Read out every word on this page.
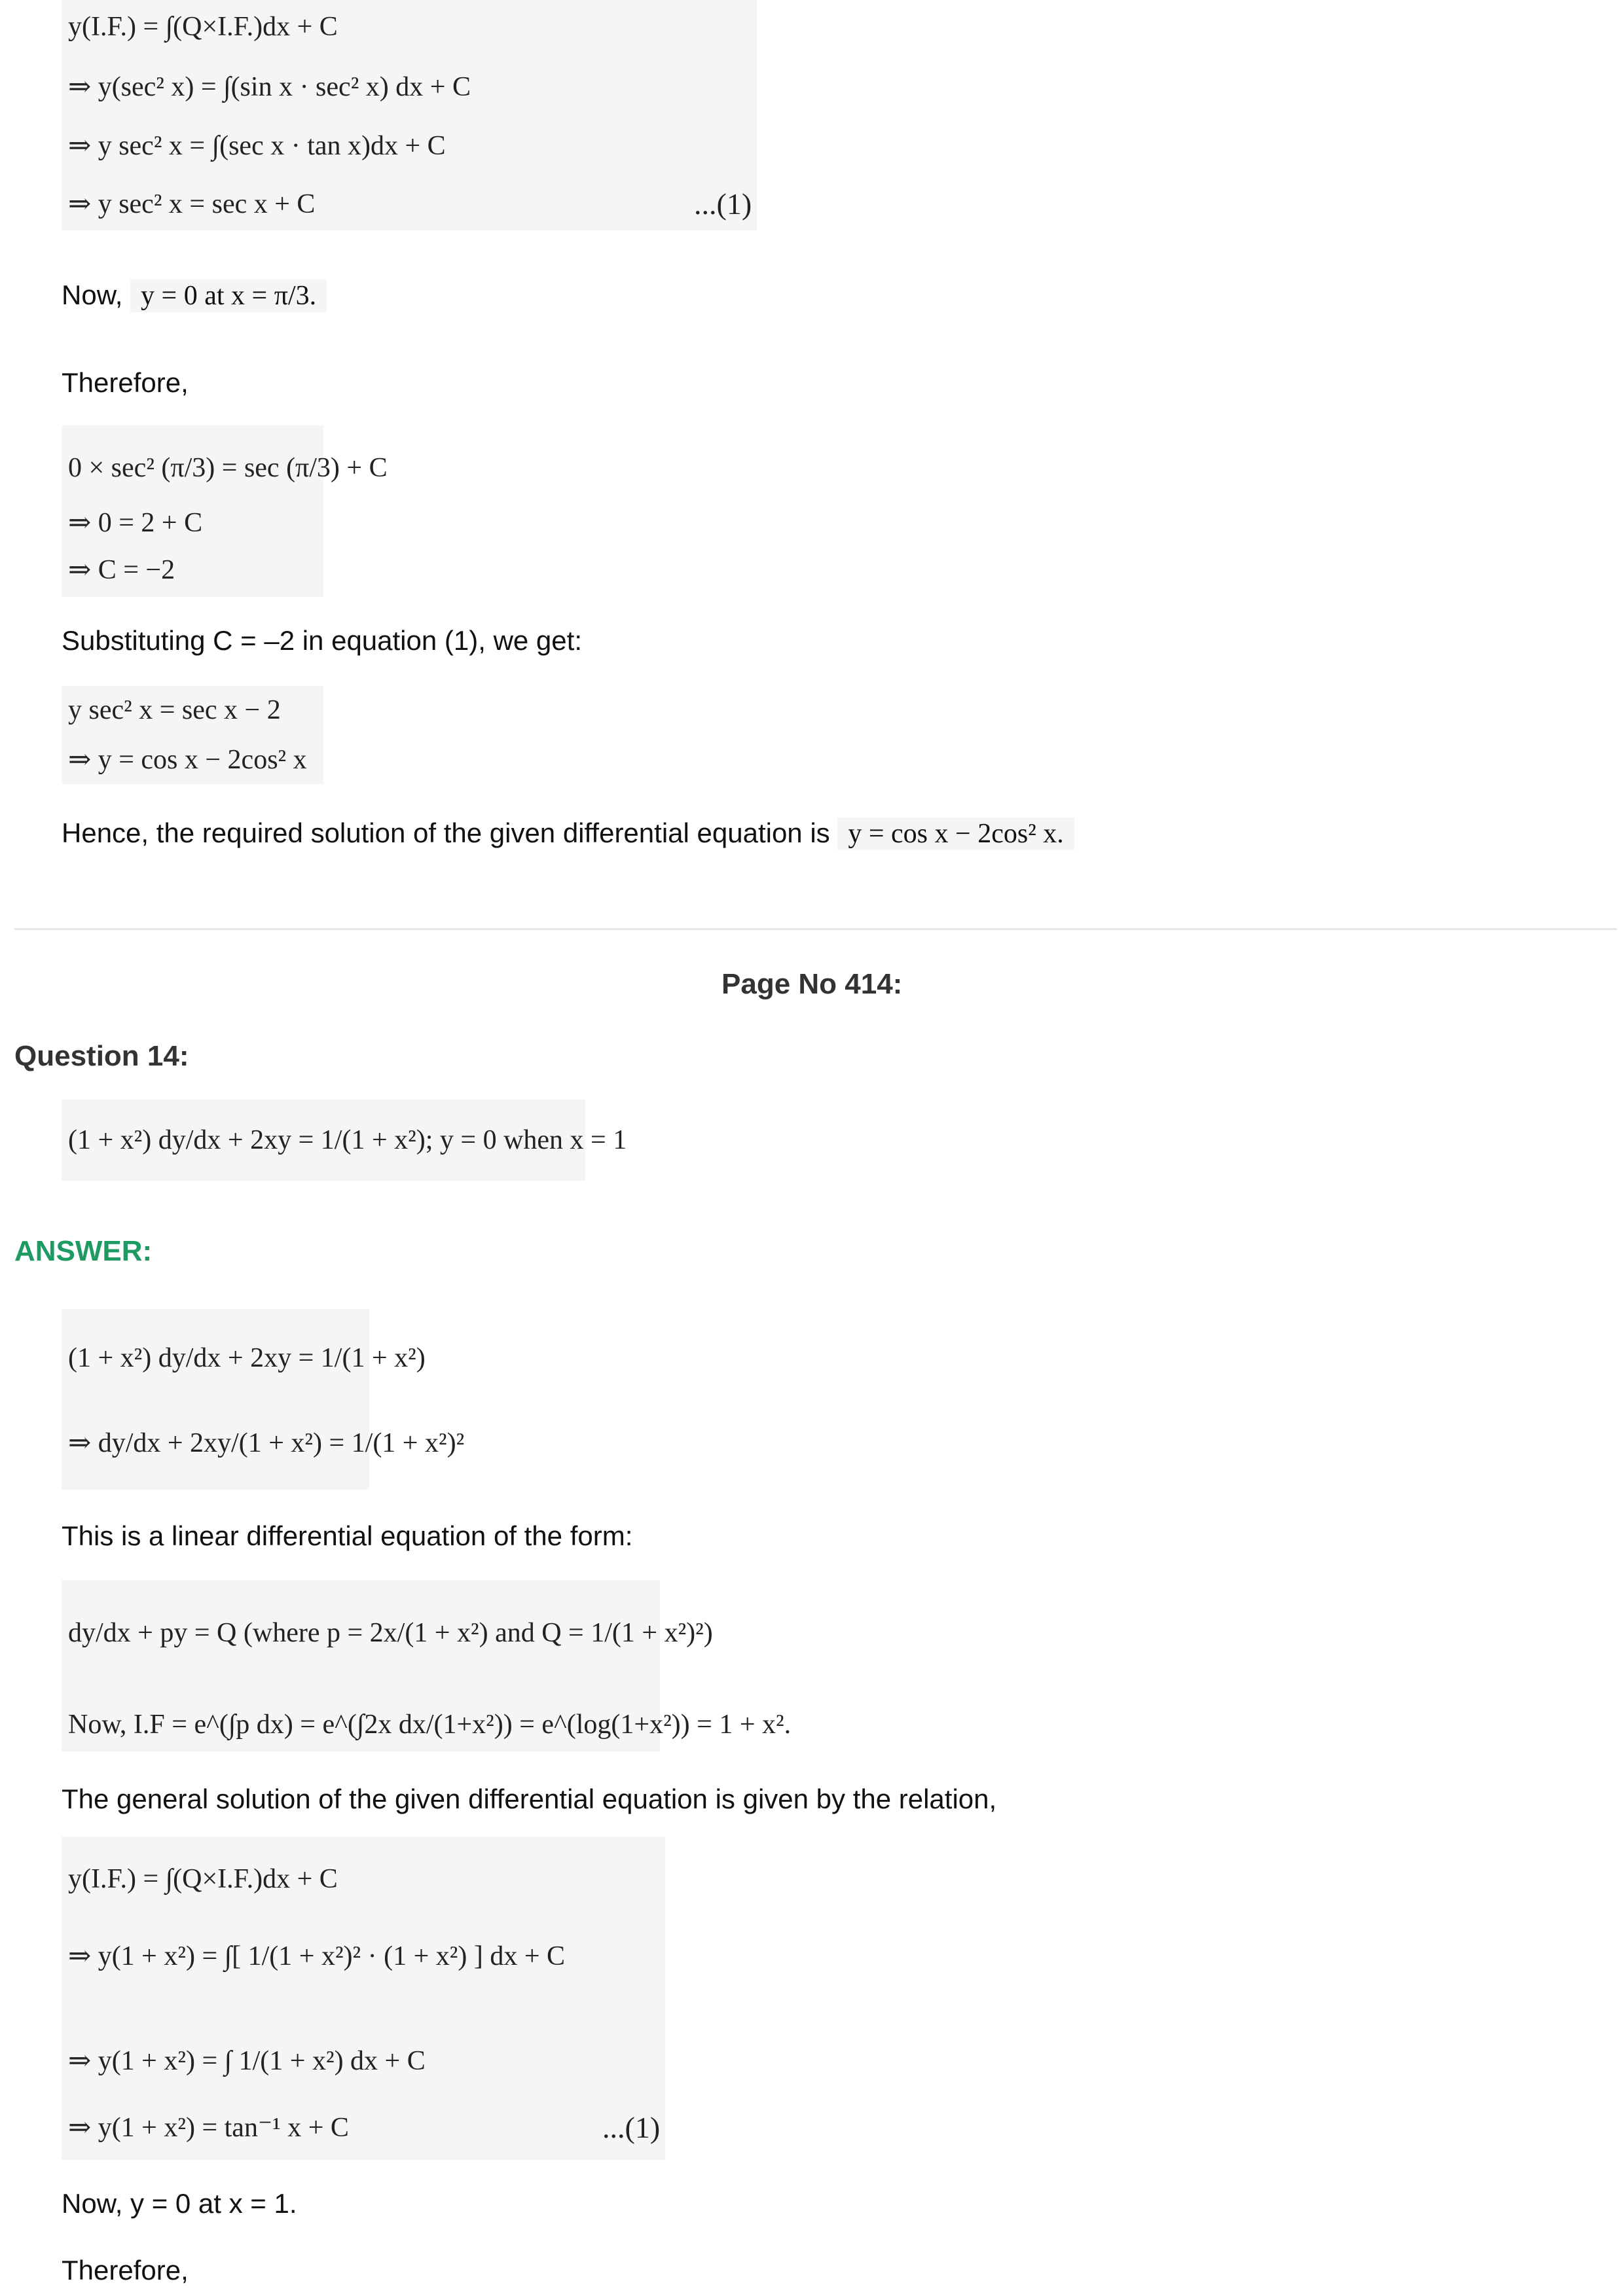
y(I.F.) = ∫(Q×I.F.)dx + C
⇒ y(sec² x) = ∫(sin x · sec² x) dx + C
⇒ y sec² x = ∫(sec x · tan x)dx + C
⇒ y sec² x = sec x + C	...(1)
Now, y = 0 at x = π/3.
Therefore,
0 × sec² (π/3) = sec (π/3) + C
⇒ 0 = 2 + C
⇒ C = −2
Substituting C = –2 in equation (1), we get:
y sec² x = sec x − 2
⇒ y = cos x − 2cos² x
Hence, the required solution of the given differential equation is y = cos x − 2cos² x.
Page No 414:
Question 14:
(1 + x²) dy/dx + 2xy = 1/(1 + x²); y = 0 when x = 1
ANSWER:
(1 + x²) dy/dx + 2xy = 1/(1 + x²)
⇒ dy/dx + 2xy/(1 + x²) = 1/(1 + x²)²
This is a linear differential equation of the form:
dy/dx + py = Q (where p = 2x/(1 + x²) and Q = 1/(1 + x²)²)
Now, I.F = e^(∫p dx) = e^(∫2x dx/(1+x²)) = e^(log(1+x²)) = 1 + x².
The general solution of the given differential equation is given by the relation,
y(I.F.) = ∫(Q×I.F.)dx + C
⇒ y(1 + x²) = ∫[ 1/(1 + x²)² · (1 + x²) ] dx + C
⇒ y(1 + x²) = ∫ 1/(1 + x²) dx + C
⇒ y(1 + x²) = tan⁻¹ x + C	...(1)
Now, y = 0 at x = 1.
Therefore,
